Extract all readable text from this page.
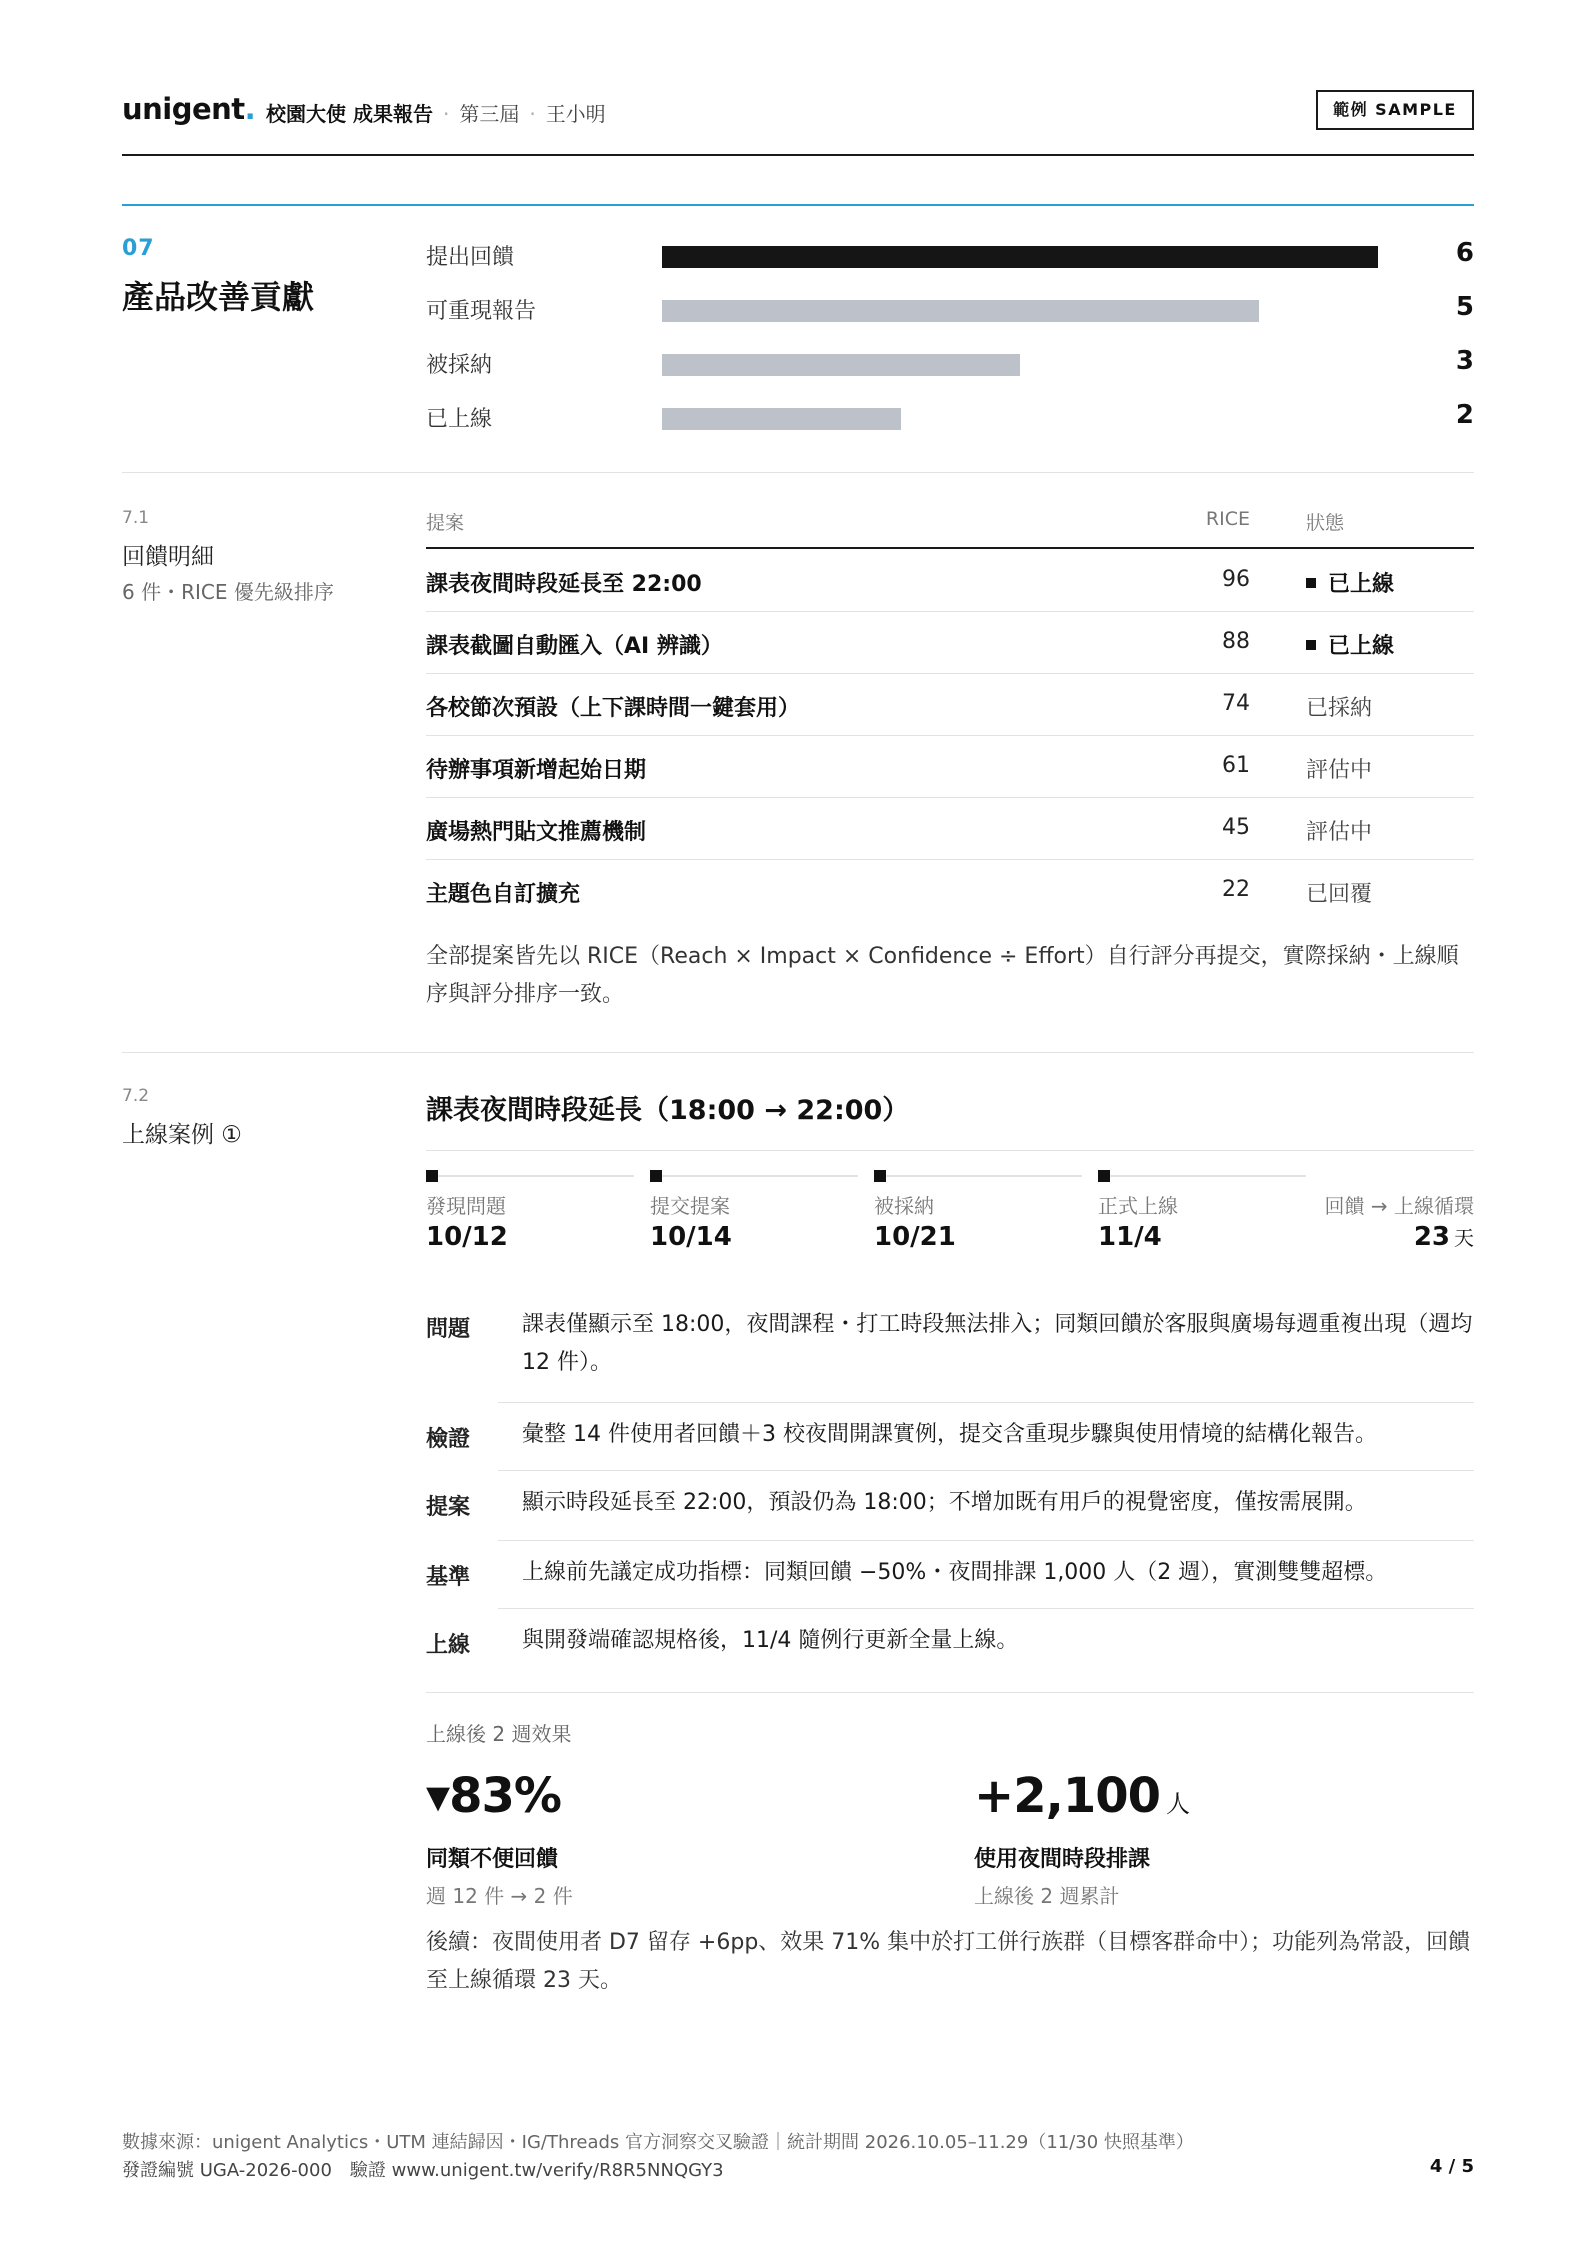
unigent. 校園大使 成果報告 · 第三屆 · 王小明	範例 SAMPLE
07
產品改善貢獻
提出回饋	6
可重現報告	5
被採納	3
已上線	2
7.1
回饋明細
6 件・RICE 優先級排序
提案	RICE	狀態
課表夜間時段延長至 22:00	96	已上線
課表截圖自動匯入（AI 辨識）	88	已上線
各校節次預設（上下課時間一鍵套用）	74	已採納
待辦事項新增起始日期	61	評估中
廣場熱門貼文推薦機制	45	評估中
主題色自訂擴充	22	已回覆
全部提案皆先以 RICE（Reach × Impact × Confidence ÷ Effort）自行評分再提交，實際採納・上線順序與評分排序一致。
7.2
上線案例 ①
課表夜間時段延長（18:00 → 22:00）
發現問題
10/12
提交提案
10/14
被採納
10/21
正式上線
11/4
回饋 → 上線循環
23 天
問題 課表僅顯示至 18:00，夜間課程・打工時段無法排入；同類回饋於客服與廣場每週重複出現（週均 12 件）。
檢證 彙整 14 件使用者回饋＋3 校夜間開課實例，提交含重現步驟與使用情境的結構化報告。
提案 顯示時段延長至 22:00，預設仍為 18:00；不增加既有用戶的視覺密度，僅按需展開。
基準 上線前先議定成功指標：同類回饋 −50%・夜間排課 1,000 人（2 週），實測雙雙超標。
上線 與開發端確認規格後，11/4 隨例行更新全量上線。
上線後 2 週效果
▾83%
同類不便回饋
週 12 件 → 2 件
+2,100 人
使用夜間時段排課
上線後 2 週累計
後續：夜間使用者 D7 留存 +6pp、效果 71% 集中於打工併行族群（目標客群命中）；功能列為常設，回饋至上線循環 23 天。
數據來源：unigent Analytics・UTM 連結歸因・IG/Threads 官方洞察交叉驗證｜統計期間 2026.10.05–11.29（11/30 快照基準）
發證編號 UGA-2026-000 驗證 www.unigent.tw/verify/R8R5NNQGY3	4 / 5
